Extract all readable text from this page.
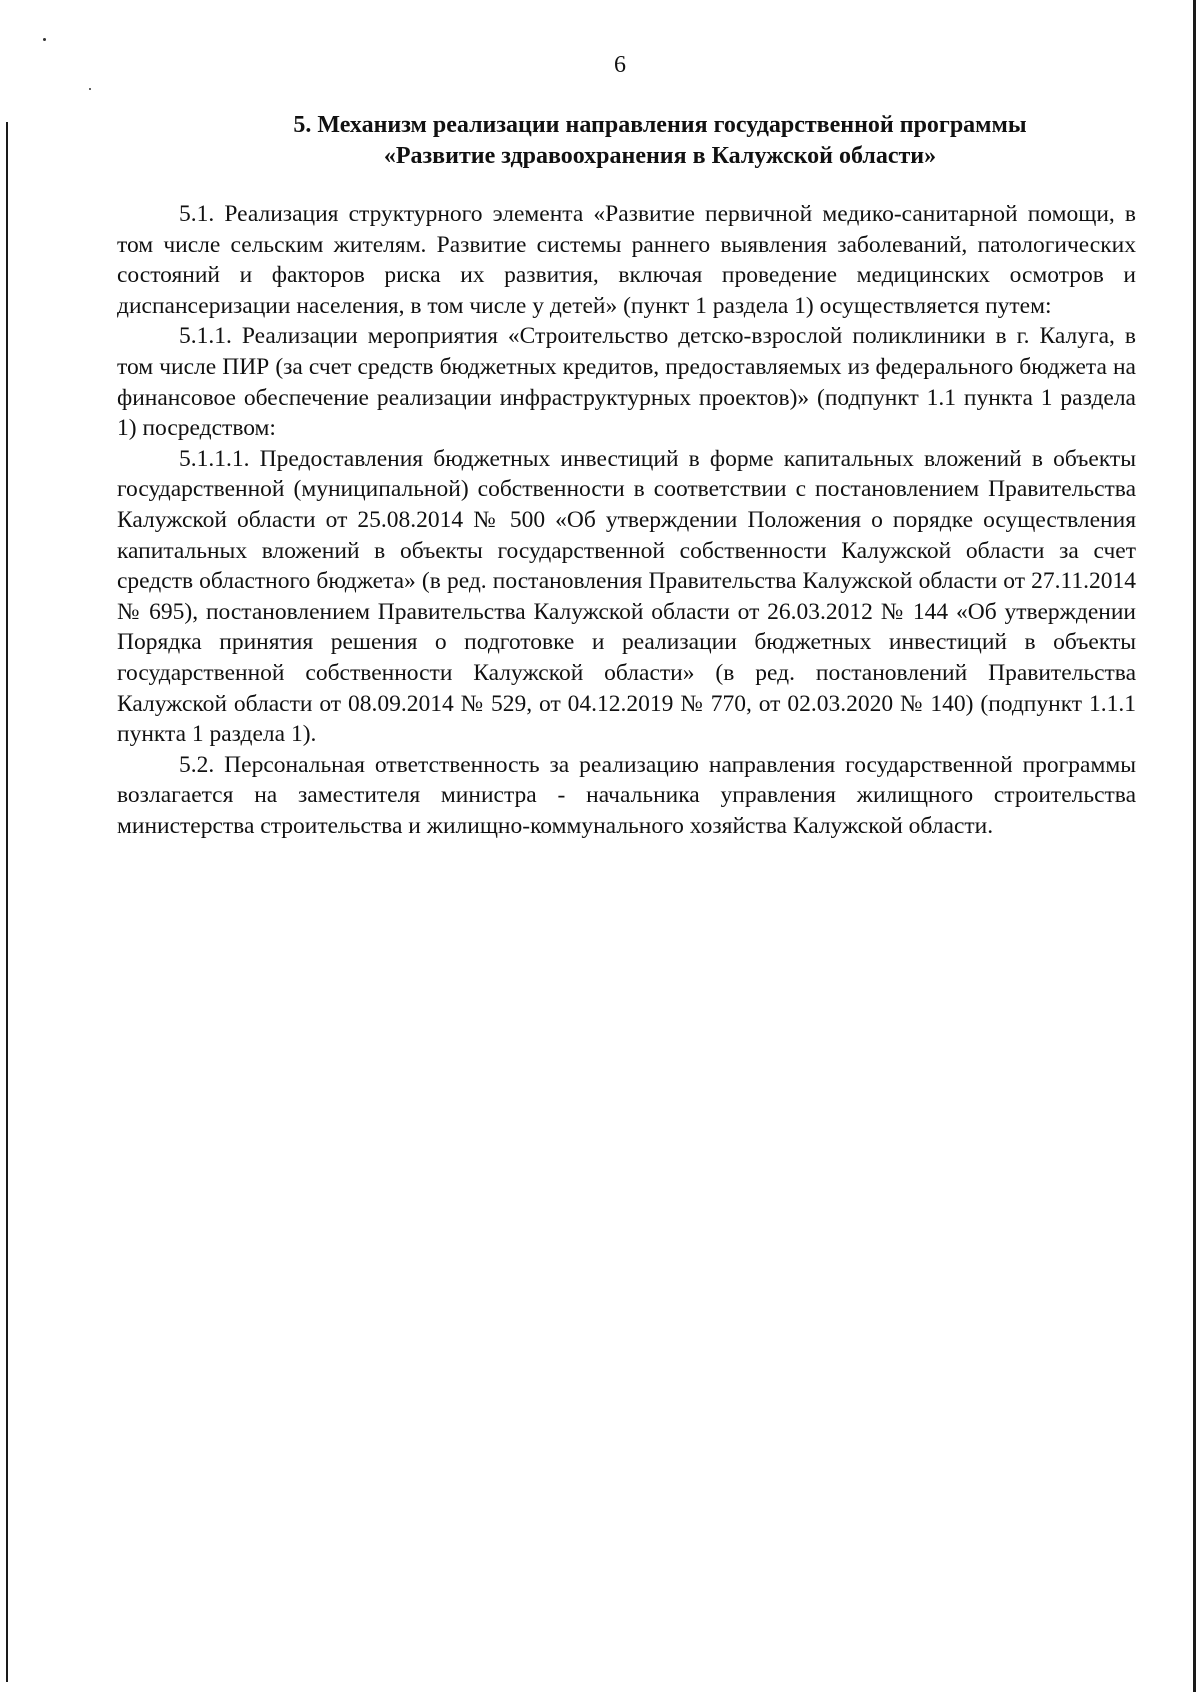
6
5. Механизм реализации направления государственной программы
«Развитие здравоохранения в Калужской области»

5.1. Реализация структурного элемента «Развитие первичной медико-санитарной помощи, в том числе сельским жителям. Развитие системы раннего выявления заболеваний, патологических состояний и факторов риска их развития, включая проведение медицинских осмотров и диспансеризации населения, в том числе у детей» (пункт 1 раздела 1) осуществляется путем:

5.1.1. Реализации мероприятия «Строительство детско-взрослой поликлиники в г. Калуга, в том числе ПИР (за счет средств бюджетных кредитов, предоставляемых из федерального бюджета на финансовое обеспечение реализации инфраструктурных проектов)» (подпункт 1.1 пункта 1 раздела 1) посредством:

5.1.1.1. Предоставления бюджетных инвестиций в форме капитальных вложений в объекты государственной (муниципальной) собственности в соответствии с постановлением Правительства Калужской области от 25.08.2014 № 500 «Об утверждении Положения о порядке осуществления капитальных вложений в объекты государственной собственности Калужской области за счет средств областного бюджета» (в ред. постановления Правительства Калужской области от 27.11.2014 № 695), постановлением Правительства Калужской области от 26.03.2012 № 144 «Об утверждении Порядка принятия решения о подготовке и реализации бюджетных инвестиций в объекты государственной собственности Калужской области» (в ред. постановлений Правительства Калужской области от 08.09.2014 № 529, от 04.12.2019 № 770, от 02.03.2020 № 140) (подпункт 1.1.1 пункта 1 раздела 1).

5.2. Персональная ответственность за реализацию направления государственной программы возлагается на заместителя министра - начальника управления жилищного строительства министерства строительства и жилищно-коммунального хозяйства Калужской области.
